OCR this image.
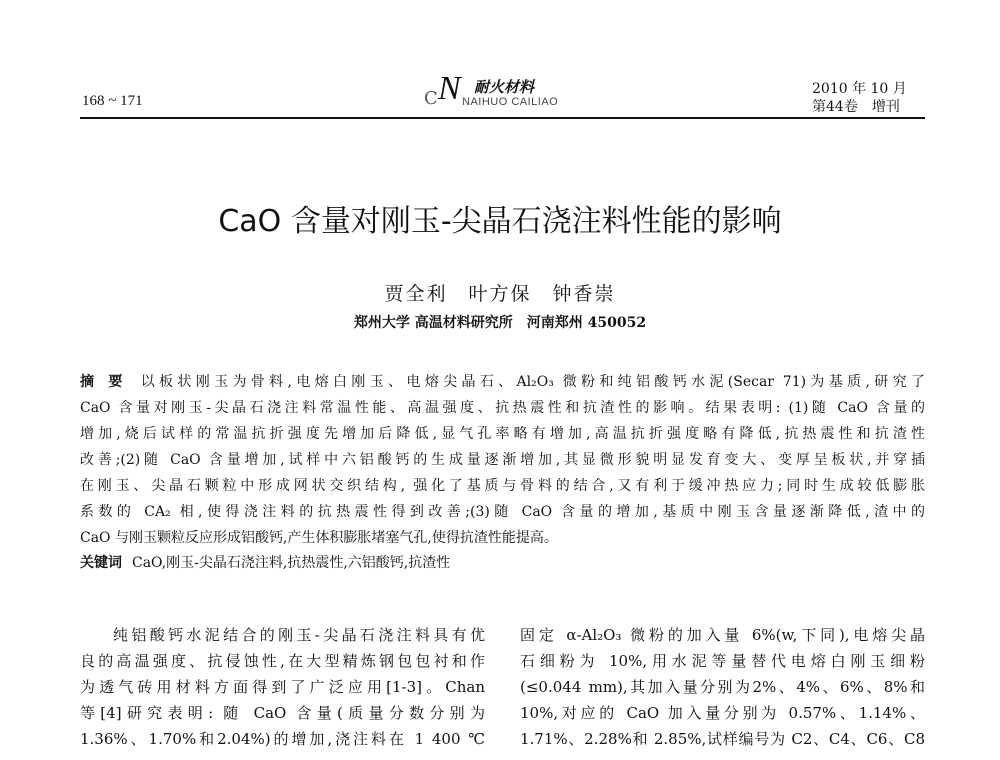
168 ~ 171	C N 耐火材料
NAIHUO CAILIAO
2010 年 10 月
第44卷　增刊
CaO 含量对刚玉-尖晶石浇注料性能的影响
贾全利　叶方保　钟香崇
郑州大学 高温材料研究所　河南郑州 450052
摘要 以板状刚玉为骨料,电熔白刚玉、电熔尖晶石、Al₂O₃ 微粉和纯铝酸钙水泥(Secar 71)为基质,研究了
CaO 含量对刚玉-尖晶石浇注料常温性能、高温强度、抗热震性和抗渣性的影响。结果表明: (1)随 CaO 含量的
增加,烧后试样的常温抗折强度先增加后降低,显气孔率略有增加,高温抗折强度略有降低,抗热震性和抗渣性
改善;(2)随 CaO 含量增加,试样中六铝酸钙的生成量逐渐增加,其显微形貌明显发育变大、变厚呈板状,并穿插
在刚玉、尖晶石颗粒中形成网状交织结构, 强化了基质与骨料的结合,又有利于缓冲热应力;同时生成较低膨胀
系数的 CA₂ 相,使得浇注料的抗热震性得到改善;(3)随 CaO 含量的增加,基质中刚玉含量逐渐降低,渣中的
CaO 与刚玉颗粒反应形成铝酸钙,产生体积膨胀堵塞气孔,使得抗渣性能提高。
关键词 CaO,刚玉-尖晶石浇注料,抗热震性,六铝酸钙,抗渣性
纯铝酸钙水泥结合的刚玉-尖晶石浇注料具有优
良的高温强度、抗侵蚀性,在大型精炼钢包包衬和作
为透气砖用材料方面得到了广泛应用[1-3]。Chan
等[4]研究表明: 随 CaO 含量(质量分数分别为
1.36%、1.70%和2.04%)的增加,浇注料在 1 400 ℃
固定 α-Al₂O₃ 微粉的加入量 6%(w,下同),电熔尖晶
石细粉为 10%,用水泥等量替代电熔白刚玉细粉
(≤0.044 mm),其加入量分别为2%、4%、6%、8%和
10%,对应的 CaO 加入量分别为 0.57%、1.14%、
1.71%、2.28%和 2.85%,试样编号为 C2、C4、C6、C8
